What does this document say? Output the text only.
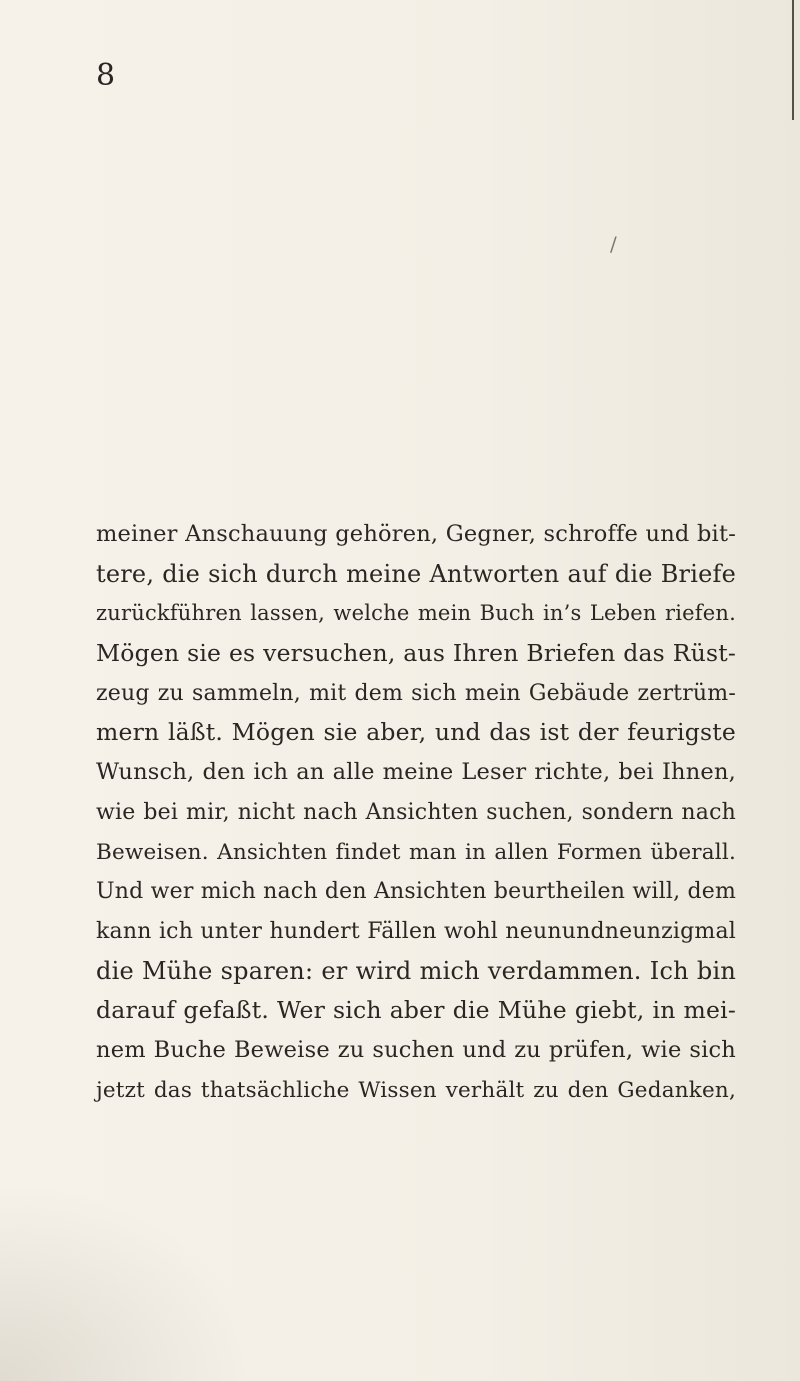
8
/
meiner Anschauung gehören, Gegner, schroffe und bit-
tere, die sich durch meine Antworten auf die Briefe
zurückführen lassen, welche mein Buch in’s Leben riefen.
Mögen sie es versuchen, aus Ihren Briefen das Rüst-
zeug zu sammeln, mit dem sich mein Gebäude zertrüm-
mern läßt. Mögen sie aber, und das ist der feurigste
Wunsch, den ich an alle meine Leser richte, bei Ihnen,
wie bei mir, nicht nach Ansichten suchen, sondern nach
Beweisen. Ansichten findet man in allen Formen überall.
Und wer mich nach den Ansichten beurtheilen will, dem
kann ich unter hundert Fällen wohl neunundneunzigmal
die Mühe sparen: er wird mich verdammen. Ich bin
darauf gefaßt. Wer sich aber die Mühe giebt, in mei-
nem Buche Beweise zu suchen und zu prüfen, wie sich
jetzt das thatsächliche Wissen verhält zu den Gedanken,
